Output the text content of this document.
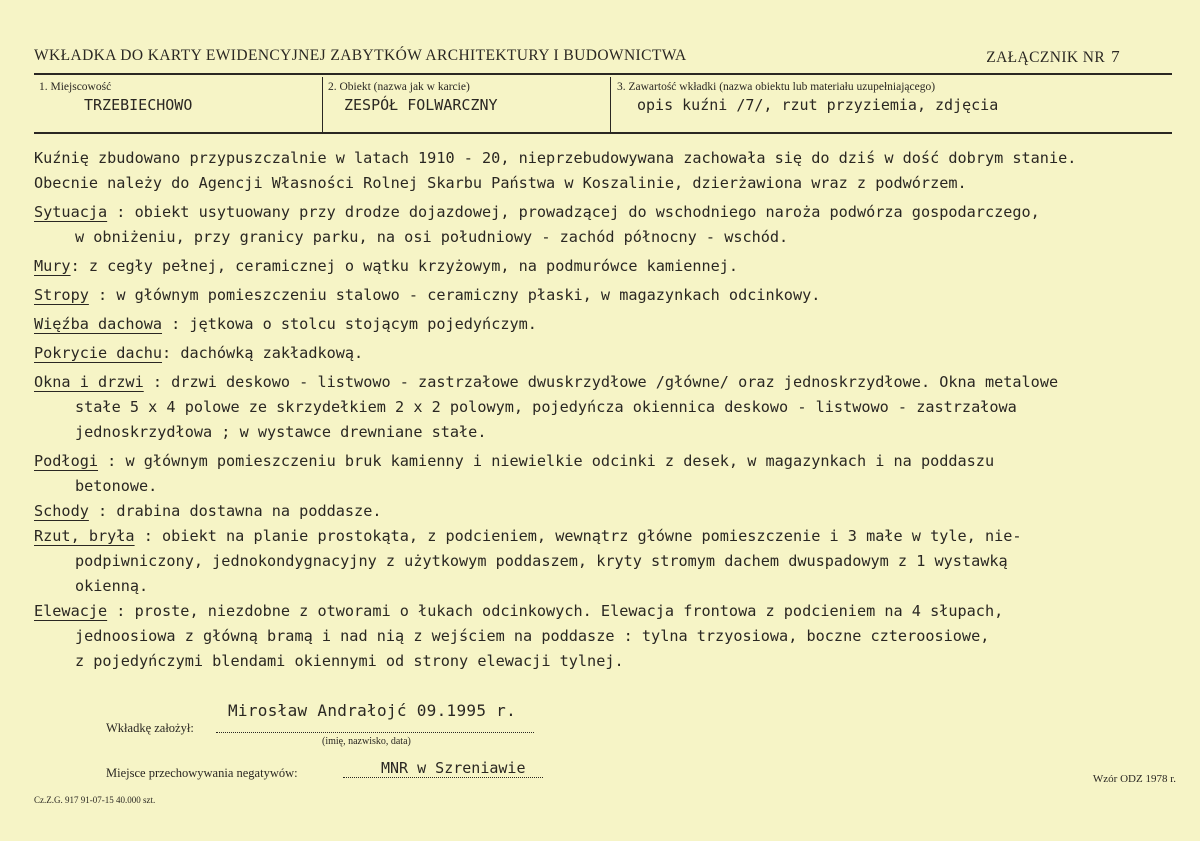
WKŁADKA DO KARTY EWIDENCYJNEJ ZABYTKÓW ARCHITEKTURY I BUDOWNICTWA	ZAŁĄCZNIK NR 7
1. Miejscowość
TRZEBIECHOWO
2. Obiekt (nazwa jak w karcie)
ZESPÓŁ FOLWARCZNY
3. Zawartość wkładki (nazwa obiektu lub materiału uzupełniającego)
opis kuźni /7/, rzut przyziemia, zdjęcia
Kuźnię zbudowano przypuszczalnie w latach 1910 - 20, nieprzebudowywana zachowała się do dziś w dość dobrym stanie.
Obecnie należy do Agencji Własności Rolnej Skarbu Państwa w Koszalinie, dzierżawiona wraz z podwórzem.
Sytuacja : obiekt usytuowany przy drodze dojazdowej, prowadzącej do wschodniego naroża podwórza gospodarczego,
w obniżeniu, przy granicy parku, na osi południowy - zachód północny - wschód.
Mury: z cegły pełnej, ceramicznej o wątku krzyżowym, na podmurówce kamiennej.
Stropy : w głównym pomieszczeniu stalowo - ceramiczny płaski, w magazynkach odcinkowy.
Więźba dachowa : jętkowa o stolcu stojącym pojedyńczym.
Pokrycie dachu: dachówką zakładkową.
Okna i drzwi : drzwi deskowo - listwowo - zastrzałowe dwuskrzydłowe /główne/ oraz jednoskrzydłowe. Okna metalowe
stałe 5 x 4 polowe ze skrzydełkiem 2 x 2 polowym, pojedyńcza okiennica deskowo - listwowo - zastrzałowa
jednoskrzydłowa ; w wystawce drewniane stałe.
Podłogi : w głównym pomieszczeniu bruk kamienny i niewielkie odcinki z desek, w magazynkach i na poddaszu
betonowe.
Schody : drabina dostawna na poddasze.
Rzut, bryła : obiekt na planie prostokąta, z podcieniem, wewnątrz główne pomieszczenie i 3 małe w tyle, nie-
podpiwniczony, jednokondygnacyjny z użytkowym poddaszem, kryty stromym dachem dwuspadowym z 1 wystawką
okienną.
Elewacje : proste, niezdobne z otworami o łukach odcinkowych. Elewacja frontowa z podcieniem na 4 słupach,
jednoosiowa z główną bramą i nad nią z wejściem na poddasze : tylna trzyosiowa, boczne czteroosiowe,
z pojedyńczymi blendami okiennymi od strony elewacji tylnej.
Mirosław Andrałojć 09.1995 r.
Wkładkę założył:
(imię, nazwisko, data)
Miejsce przechowywania negatywów:	MNR w Szreniawie
Wzór ODZ 1978 r.
Cz.Z.G. 917 91-07-15 40.000 szt.
